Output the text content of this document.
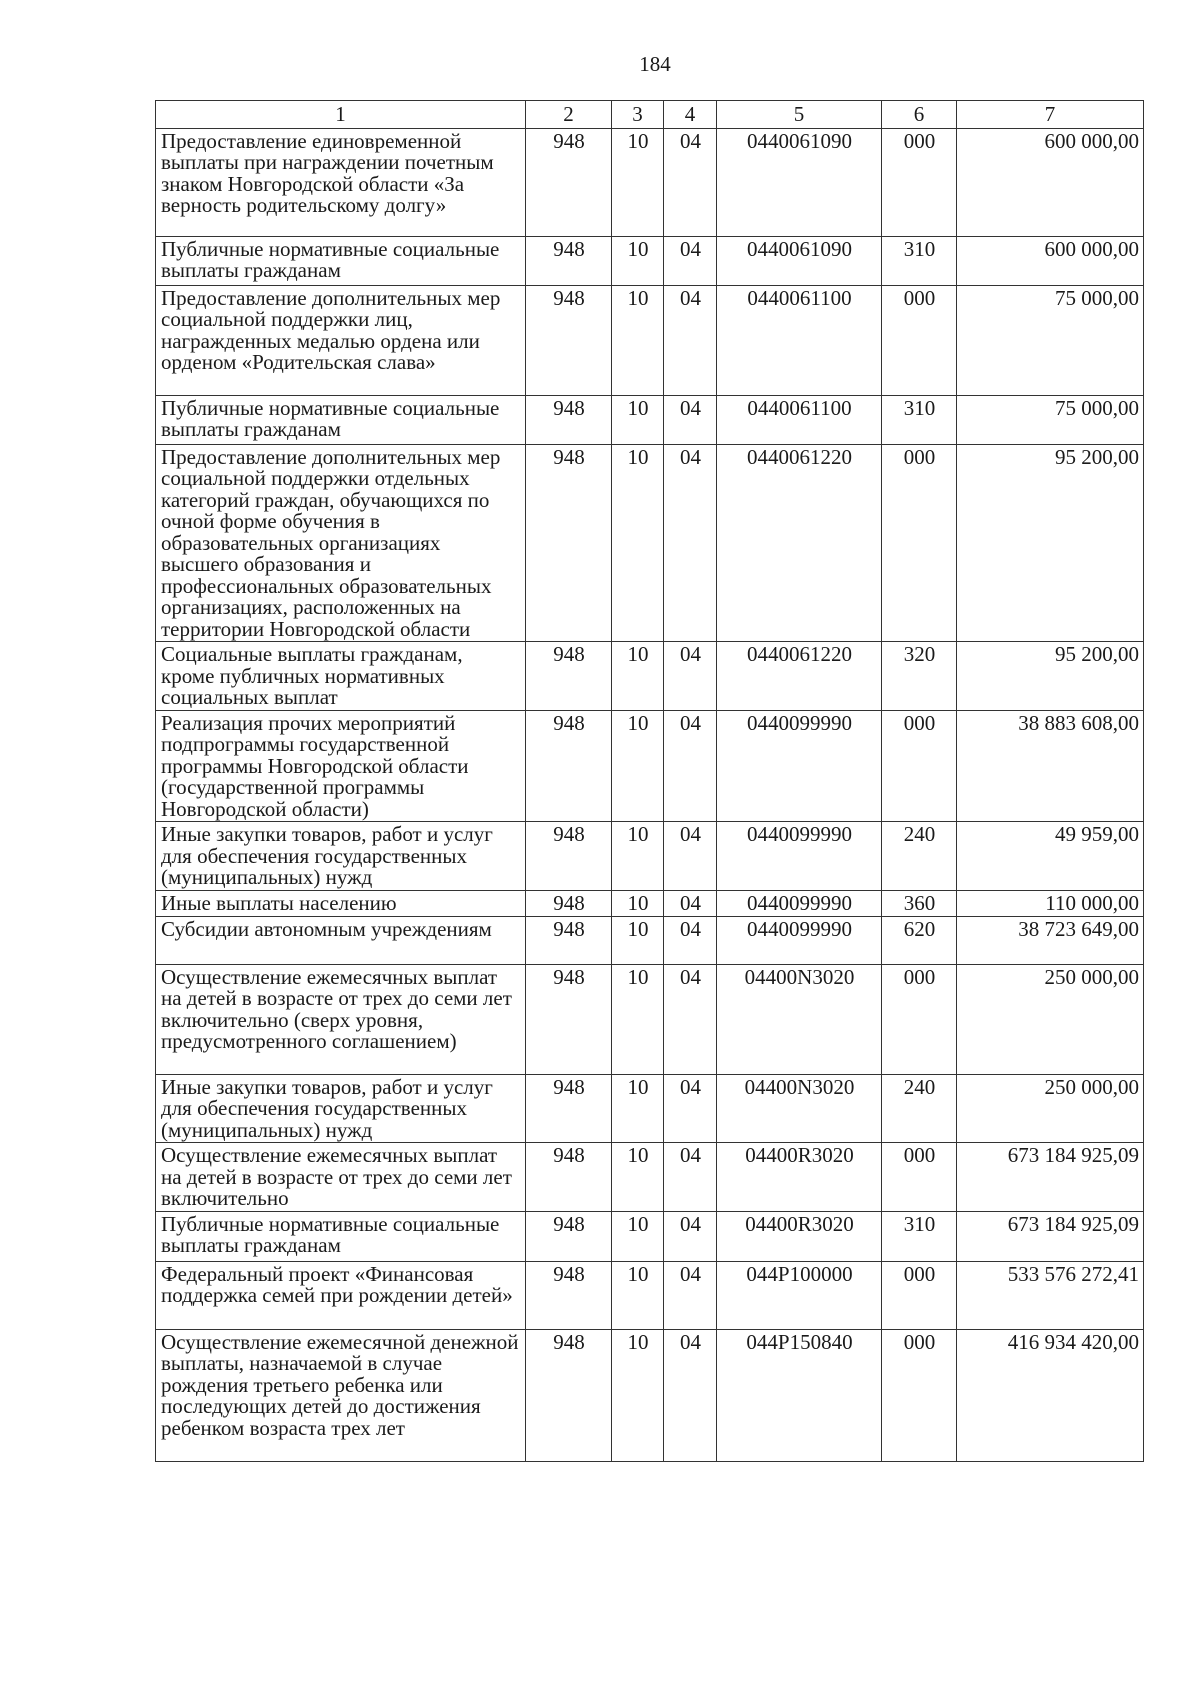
184
1	2	3	4	5	6	7
Предоставление единовременной выплаты при награждении почетным знаком Новгородской области «За верность родительскому долгу»	948	10	04	0440061090	000	600 000,00
Публичные нормативные социальные выплаты гражданам	948	10	04	0440061090	310	600 000,00
Предоставление дополнительных мер социальной поддержки лиц, награжденных медалью ордена или орденом «Родительская слава»	948	10	04	0440061100	000	75 000,00
Публичные нормативные социальные выплаты гражданам	948	10	04	0440061100	310	75 000,00
Предоставление дополнительных мер социальной поддержки отдельных категорий граждан, обучающихся по очной форме обучения в образовательных организациях высшего образования и профессиональных образовательных организациях, расположенных на территории Новгородской области	948	10	04	0440061220	000	95 200,00
Социальные выплаты гражданам, кроме публичных нормативных социальных выплат	948	10	04	0440061220	320	95 200,00
Реализация прочих мероприятий подпрограммы государственной программы Новгородской области (государственной программы Новгородской области)	948	10	04	0440099990	000	38 883 608,00
Иные закупки товаров, работ и услуг для обеспечения государственных (муниципальных) нужд	948	10	04	0440099990	240	49 959,00
Иные выплаты населению	948	10	04	0440099990	360	110 000,00
Субсидии автономным учреждениям	948	10	04	0440099990	620	38 723 649,00
Осуществление ежемесячных выплат на детей в возрасте от трех до семи лет включительно (сверх уровня, предусмотренного соглашением)	948	10	04	04400N3020	000	250 000,00
Иные закупки товаров, работ и услуг для обеспечения государственных (муниципальных) нужд	948	10	04	04400N3020	240	250 000,00
Осуществление ежемесячных выплат на детей в возрасте от трех до семи лет включительно	948	10	04	04400R3020	000	673 184 925,09
Публичные нормативные социальные выплаты гражданам	948	10	04	04400R3020	310	673 184 925,09
Федеральный проект «Финансовая поддержка семей при рождении детей»	948	10	04	044P100000	000	533 576 272,41
Осуществление ежемесячной денежной выплаты, назначаемой в случае рождения третьего ребенка или последующих детей до достижения ребенком возраста трех лет	948	10	04	044P150840	000	416 934 420,00
